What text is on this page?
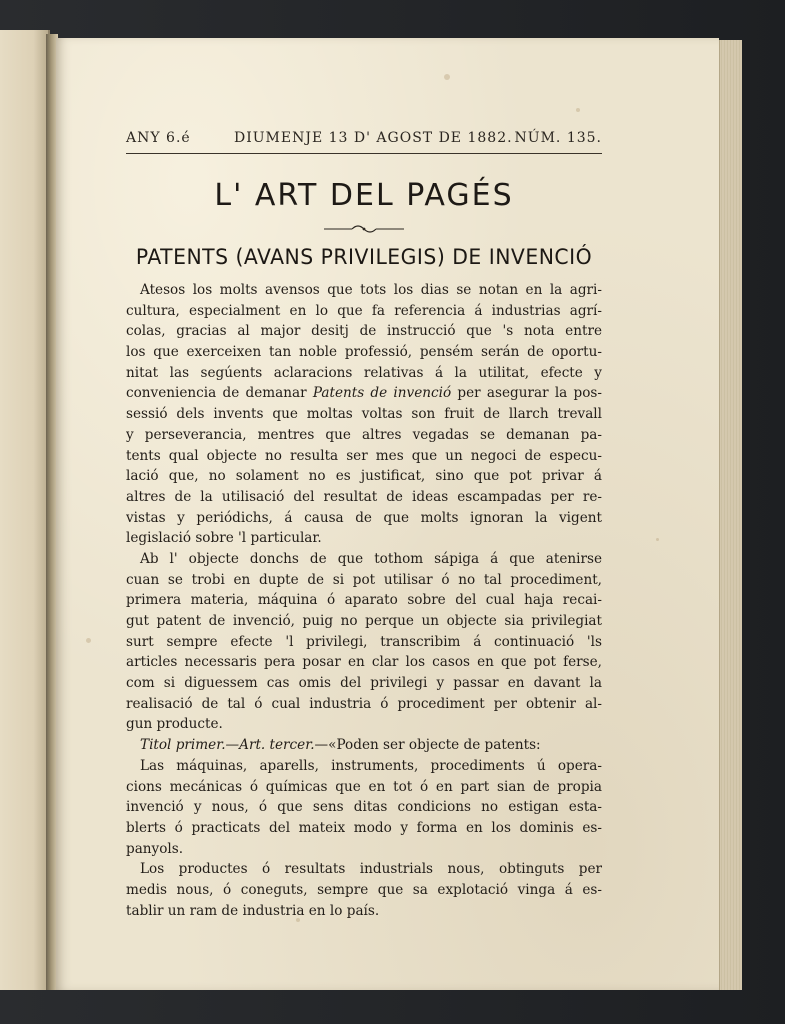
ANY 6.é	DIUMENJE 13 D' AGOST DE 1882. NÚM. 135.
L' ART DEL PAGÉS
PATENTS (AVANS PRIVILEGIS) DE INVENCIÓ
Atesos los molts avensos que tots los dias se notan en la agri-
cultura, especialment en lo que fa referencia á industrias agrí-
colas, gracias al major desitj de instrucció que 's nota entre
los que exerceixen tan noble professió, pensém serán de oportu-
nitat las segúents aclaracions relativas á la utilitat, efecte y
conveniencia de demanar Patents de invenció per asegurar la pos-
sessió dels invents que moltas voltas son fruit de llarch trevall
y perseverancia, mentres que altres vegadas se demanan pa-
tents qual objecte no resulta ser mes que un negoci de especu-
lació que, no solament no es justificat, sino que pot privar á
altres de la utilisació del resultat de ideas escampadas per re-
vistas y periódichs, á causa de que molts ignoran la vigent
legislació sobre 'l particular.
Ab l' objecte donchs de que tothom sápiga á que atenirse
cuan se trobi en dupte de si pot utilisar ó no tal procediment,
primera materia, máquina ó aparato sobre del cual haja recai-
gut patent de invenció, puig no perque un objecte sia privilegiat
surt sempre efecte 'l privilegi, transcribim á continuació 'ls
articles necessaris pera posar en clar los casos en que pot ferse,
com si diguessem cas omis del privilegi y passar en davant la
realisació de tal ó cual industria ó procediment per obtenir al-
gun producte.
Titol primer.—Art. tercer.—«Poden ser objecte de patents:
Las máquinas, aparells, instruments, procediments ú opera-
cions mecánicas ó químicas que en tot ó en part sian de propia
invenció y nous, ó que sens ditas condicions no estigan esta-
blerts ó practicats del mateix modo y forma en los dominis es-
panyols.
Los productes ó resultats industrials nous, obtinguts per
medis nous, ó coneguts, sempre que sa explotació vinga á es-
tablir un ram de industria en lo país.
